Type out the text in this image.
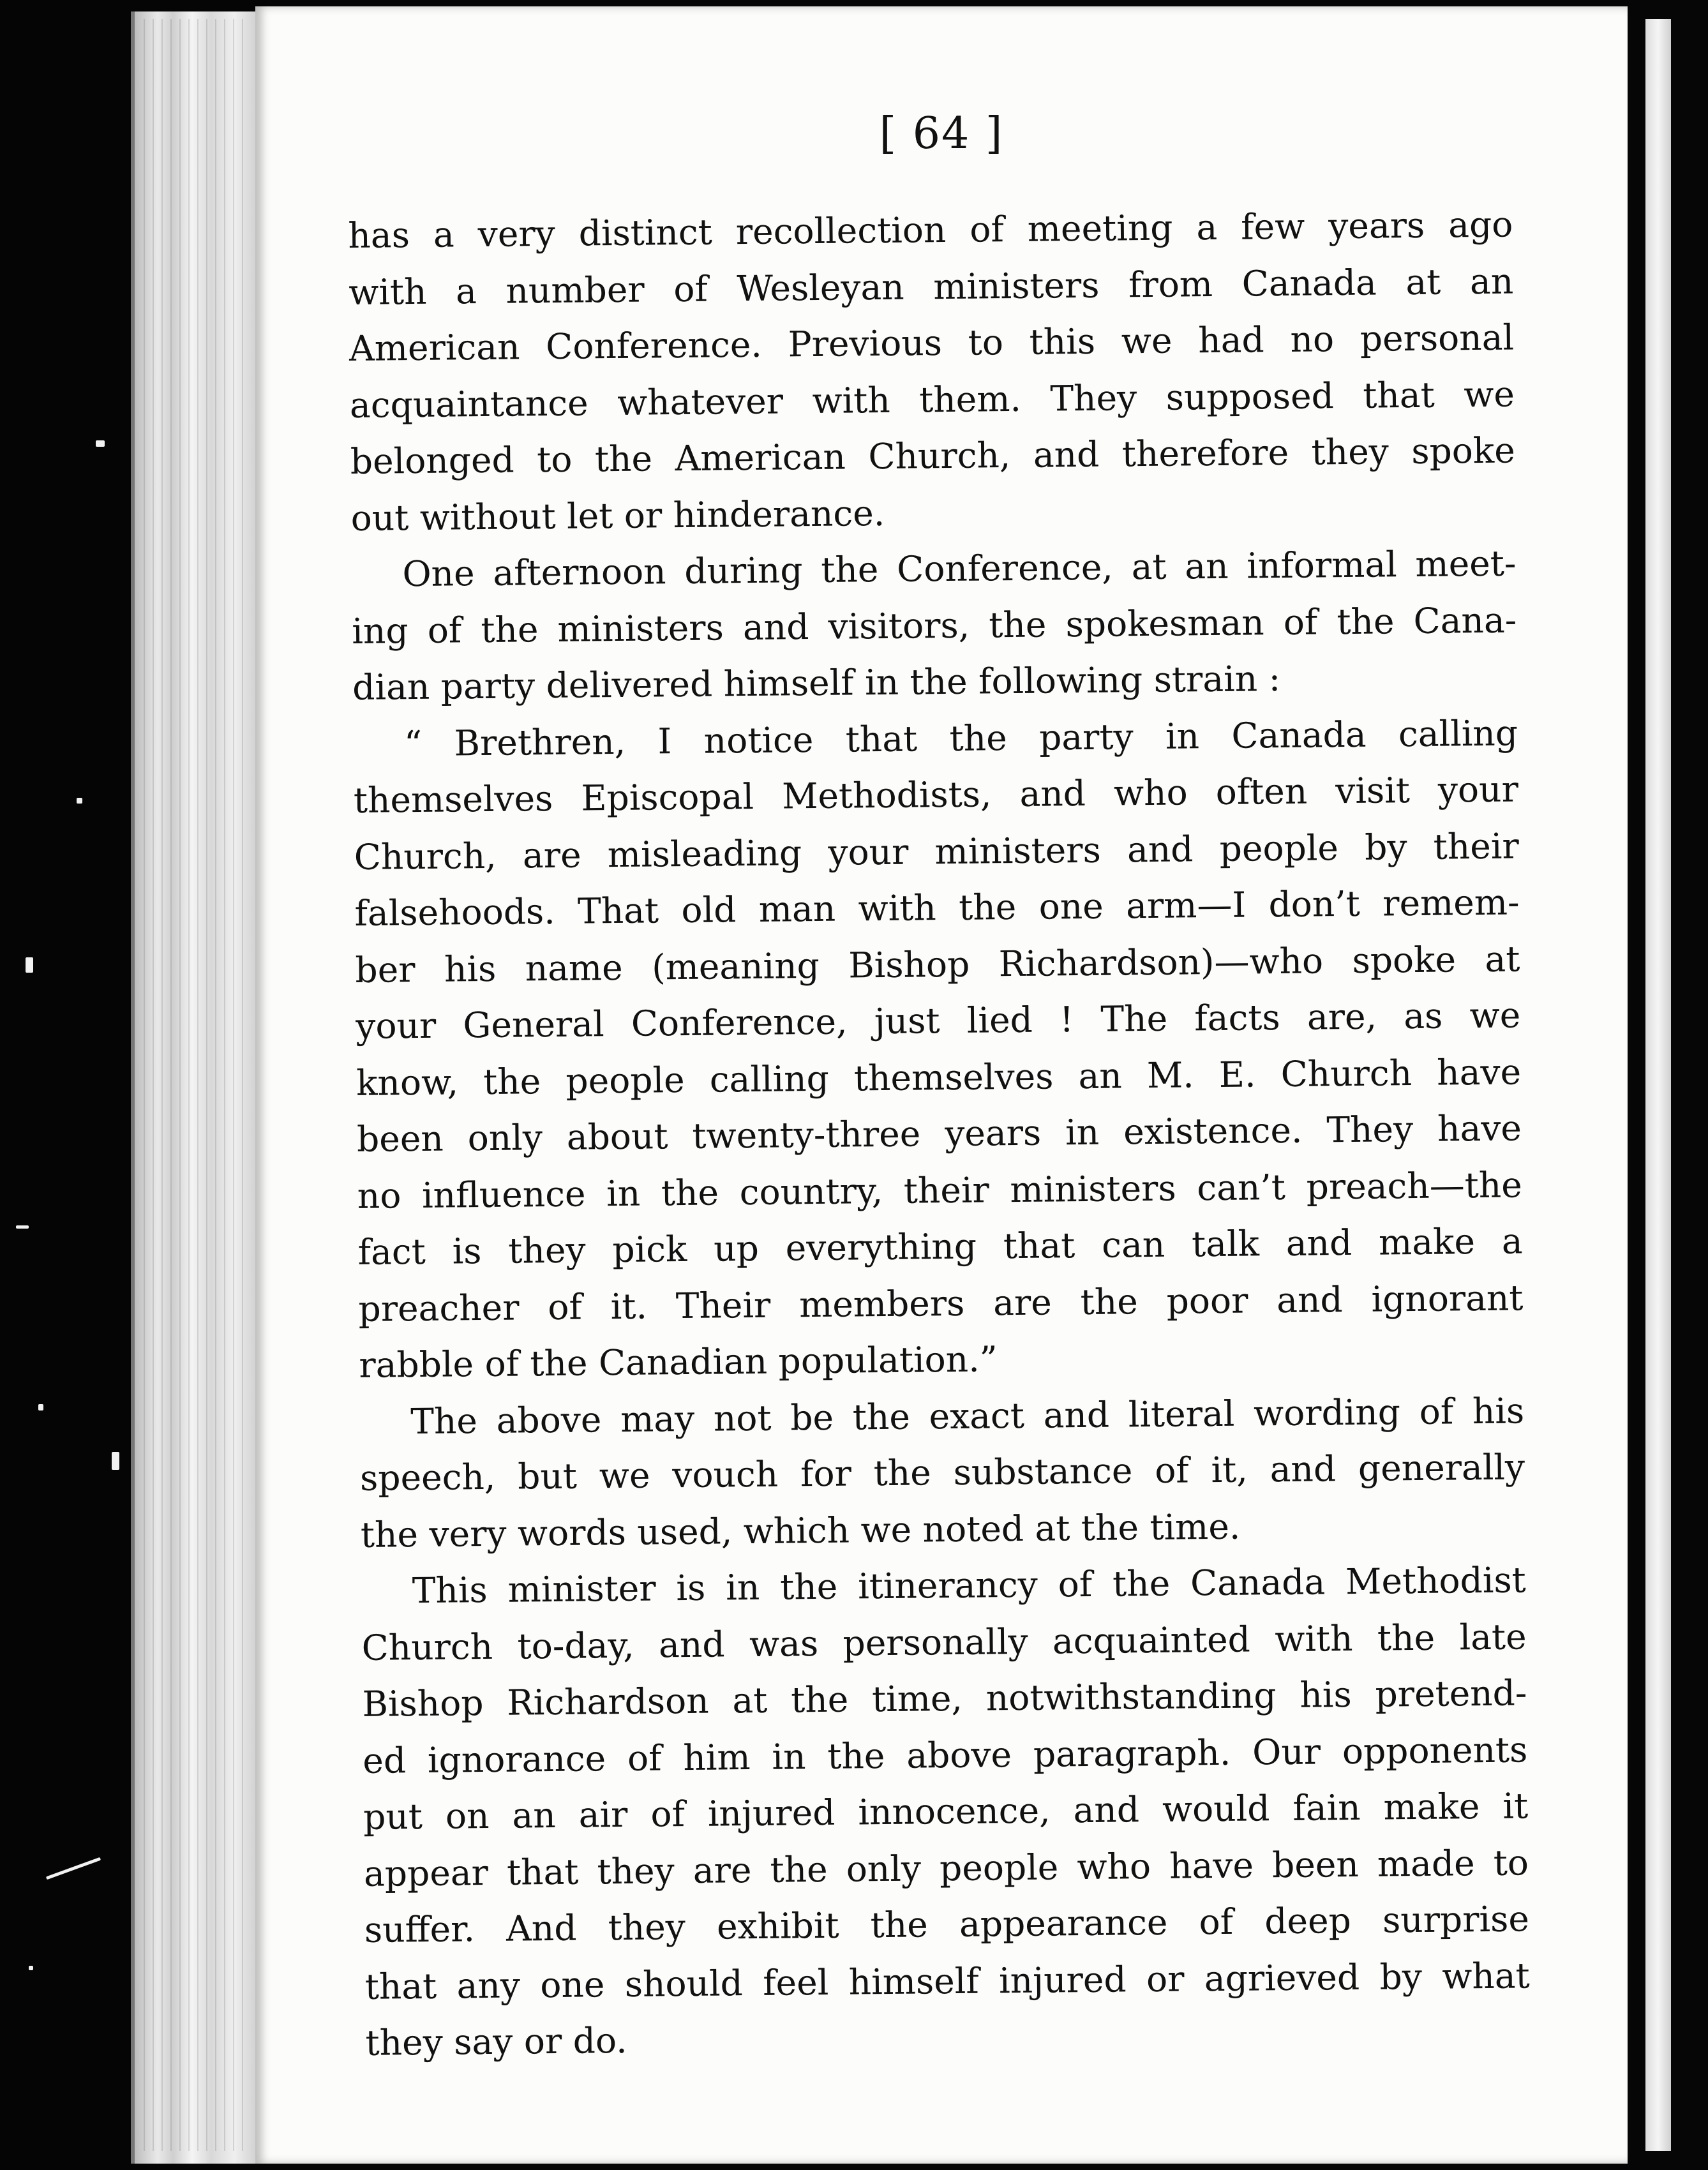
[ 64 ]
has a very distinct recollection of meeting a few years ago
with a number of Wesleyan ministers from Canada at an
American Conference. Previous to this we had no personal
acquaintance whatever with them. They supposed that we
belonged to the American Church, and therefore they spoke
out without let or hinderance.
One afternoon during the Conference, at an informal meet-
ing of the ministers and visitors, the spokesman of the Cana-
dian party delivered himself in the following strain :
“ Brethren, I notice that the party in Canada calling
themselves Episcopal Methodists, and who often visit your
Church, are misleading your ministers and people by their
falsehoods. That old man with the one arm—I don’t remem-
ber his name (meaning Bishop Richardson)—who spoke at
your General Conference, just lied ! The facts are, as we
know, the people calling themselves an M. E. Church have
been only about twenty-three years in existence. They have
no influence in the country, their ministers can’t preach—the
fact is they pick up everything that can talk and make a
preacher of it. Their members are the poor and ignorant
rabble of the Canadian population.”
The above may not be the exact and literal wording of his
speech, but we vouch for the substance of it, and generally
the very words used, which we noted at the time.
This minister is in the itinerancy of the Canada Methodist
Church to-day, and was personally acquainted with the late
Bishop Richardson at the time, notwithstanding his pretend-
ed ignorance of him in the above paragraph. Our opponents
put on an air of injured innocence, and would fain make it
appear that they are the only people who have been made to
suffer. And they exhibit the appearance of deep surprise
that any one should feel himself injured or agrieved by what
they say or do.
